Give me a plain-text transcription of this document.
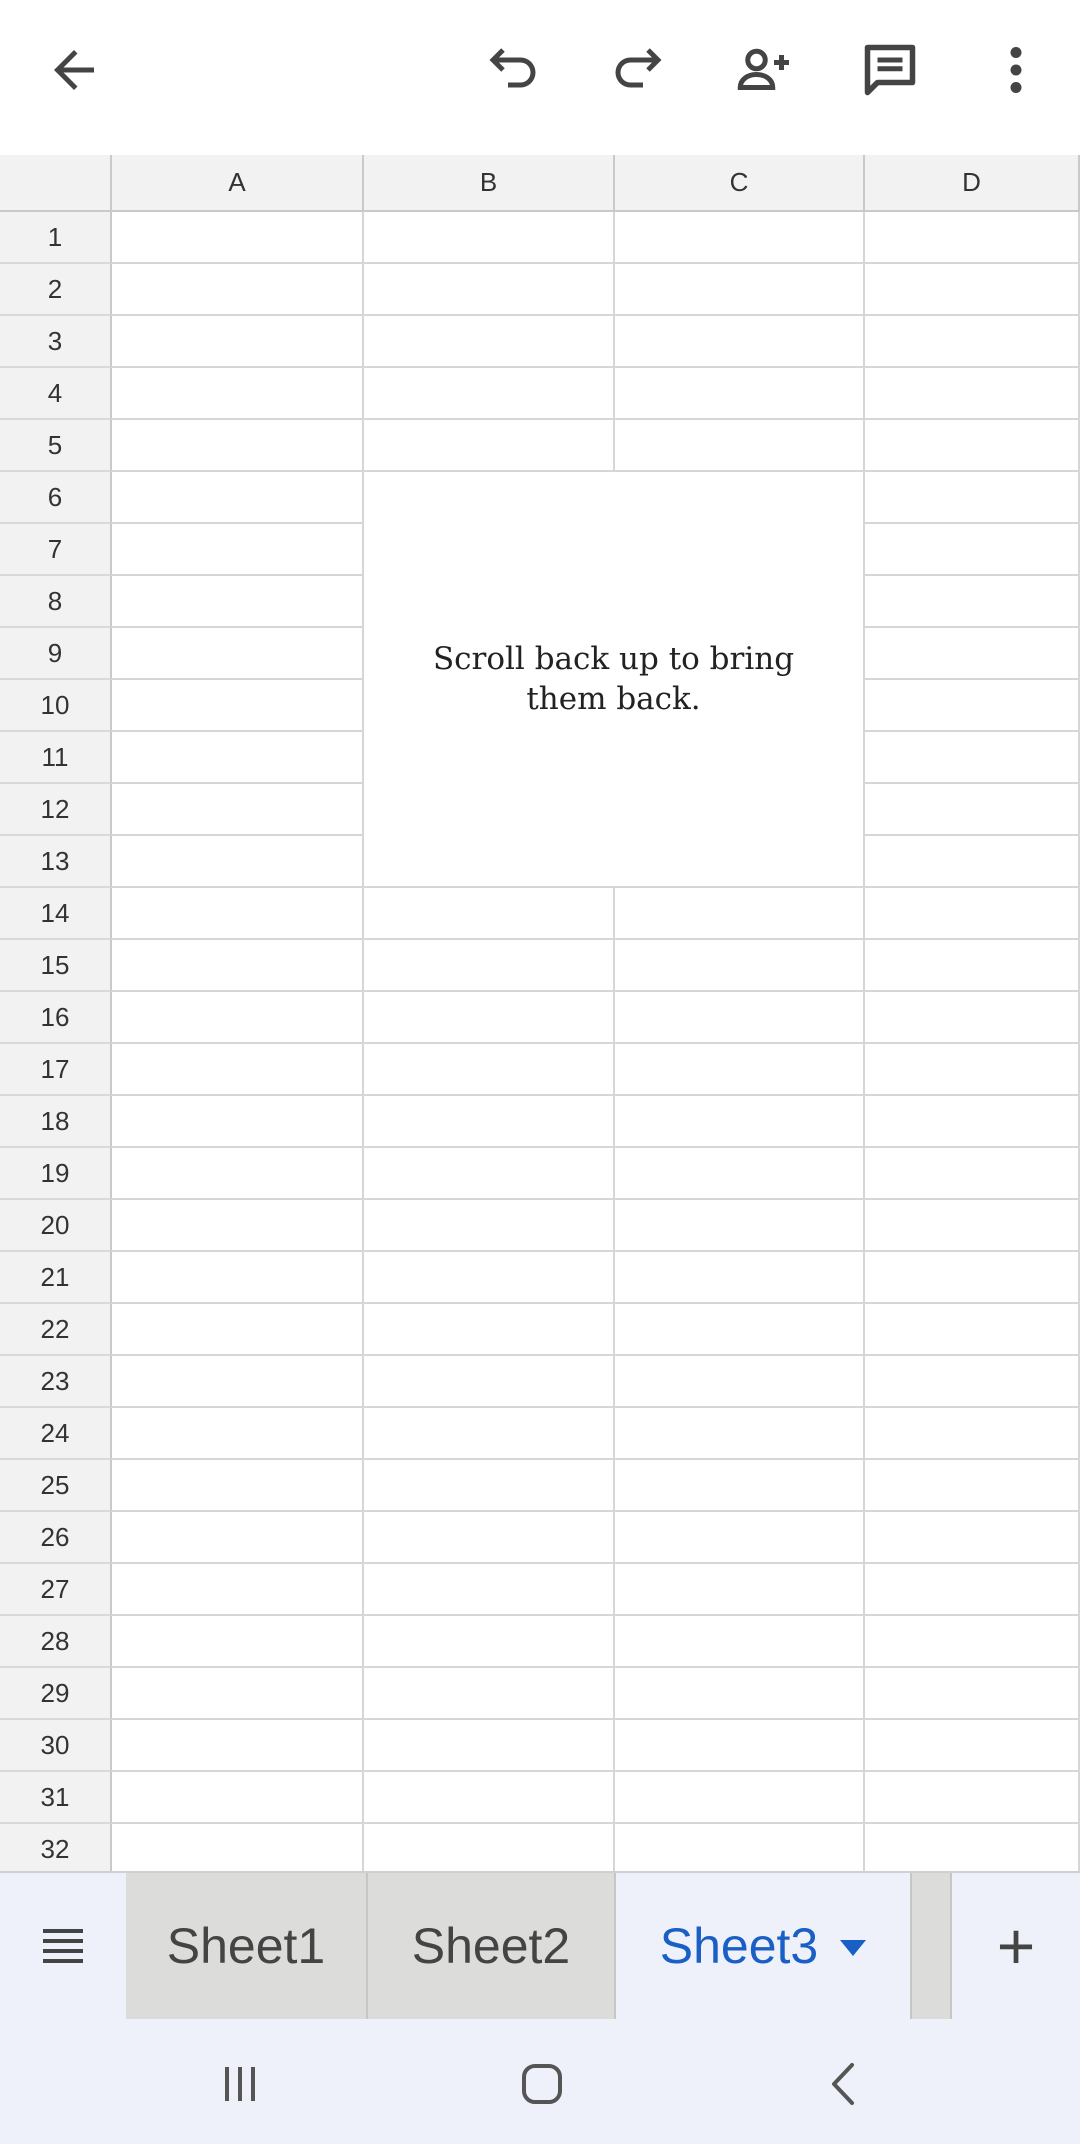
A	B	C	D
1
2
3
4
5
6
7
8
9
10
11
12
13
14
15
16
17
18
19
20
21
22
23
24
25
26
27
28
29
30
31
32
Scroll back up to bring them back.
Sheet1 Sheet2 Sheet3	+
